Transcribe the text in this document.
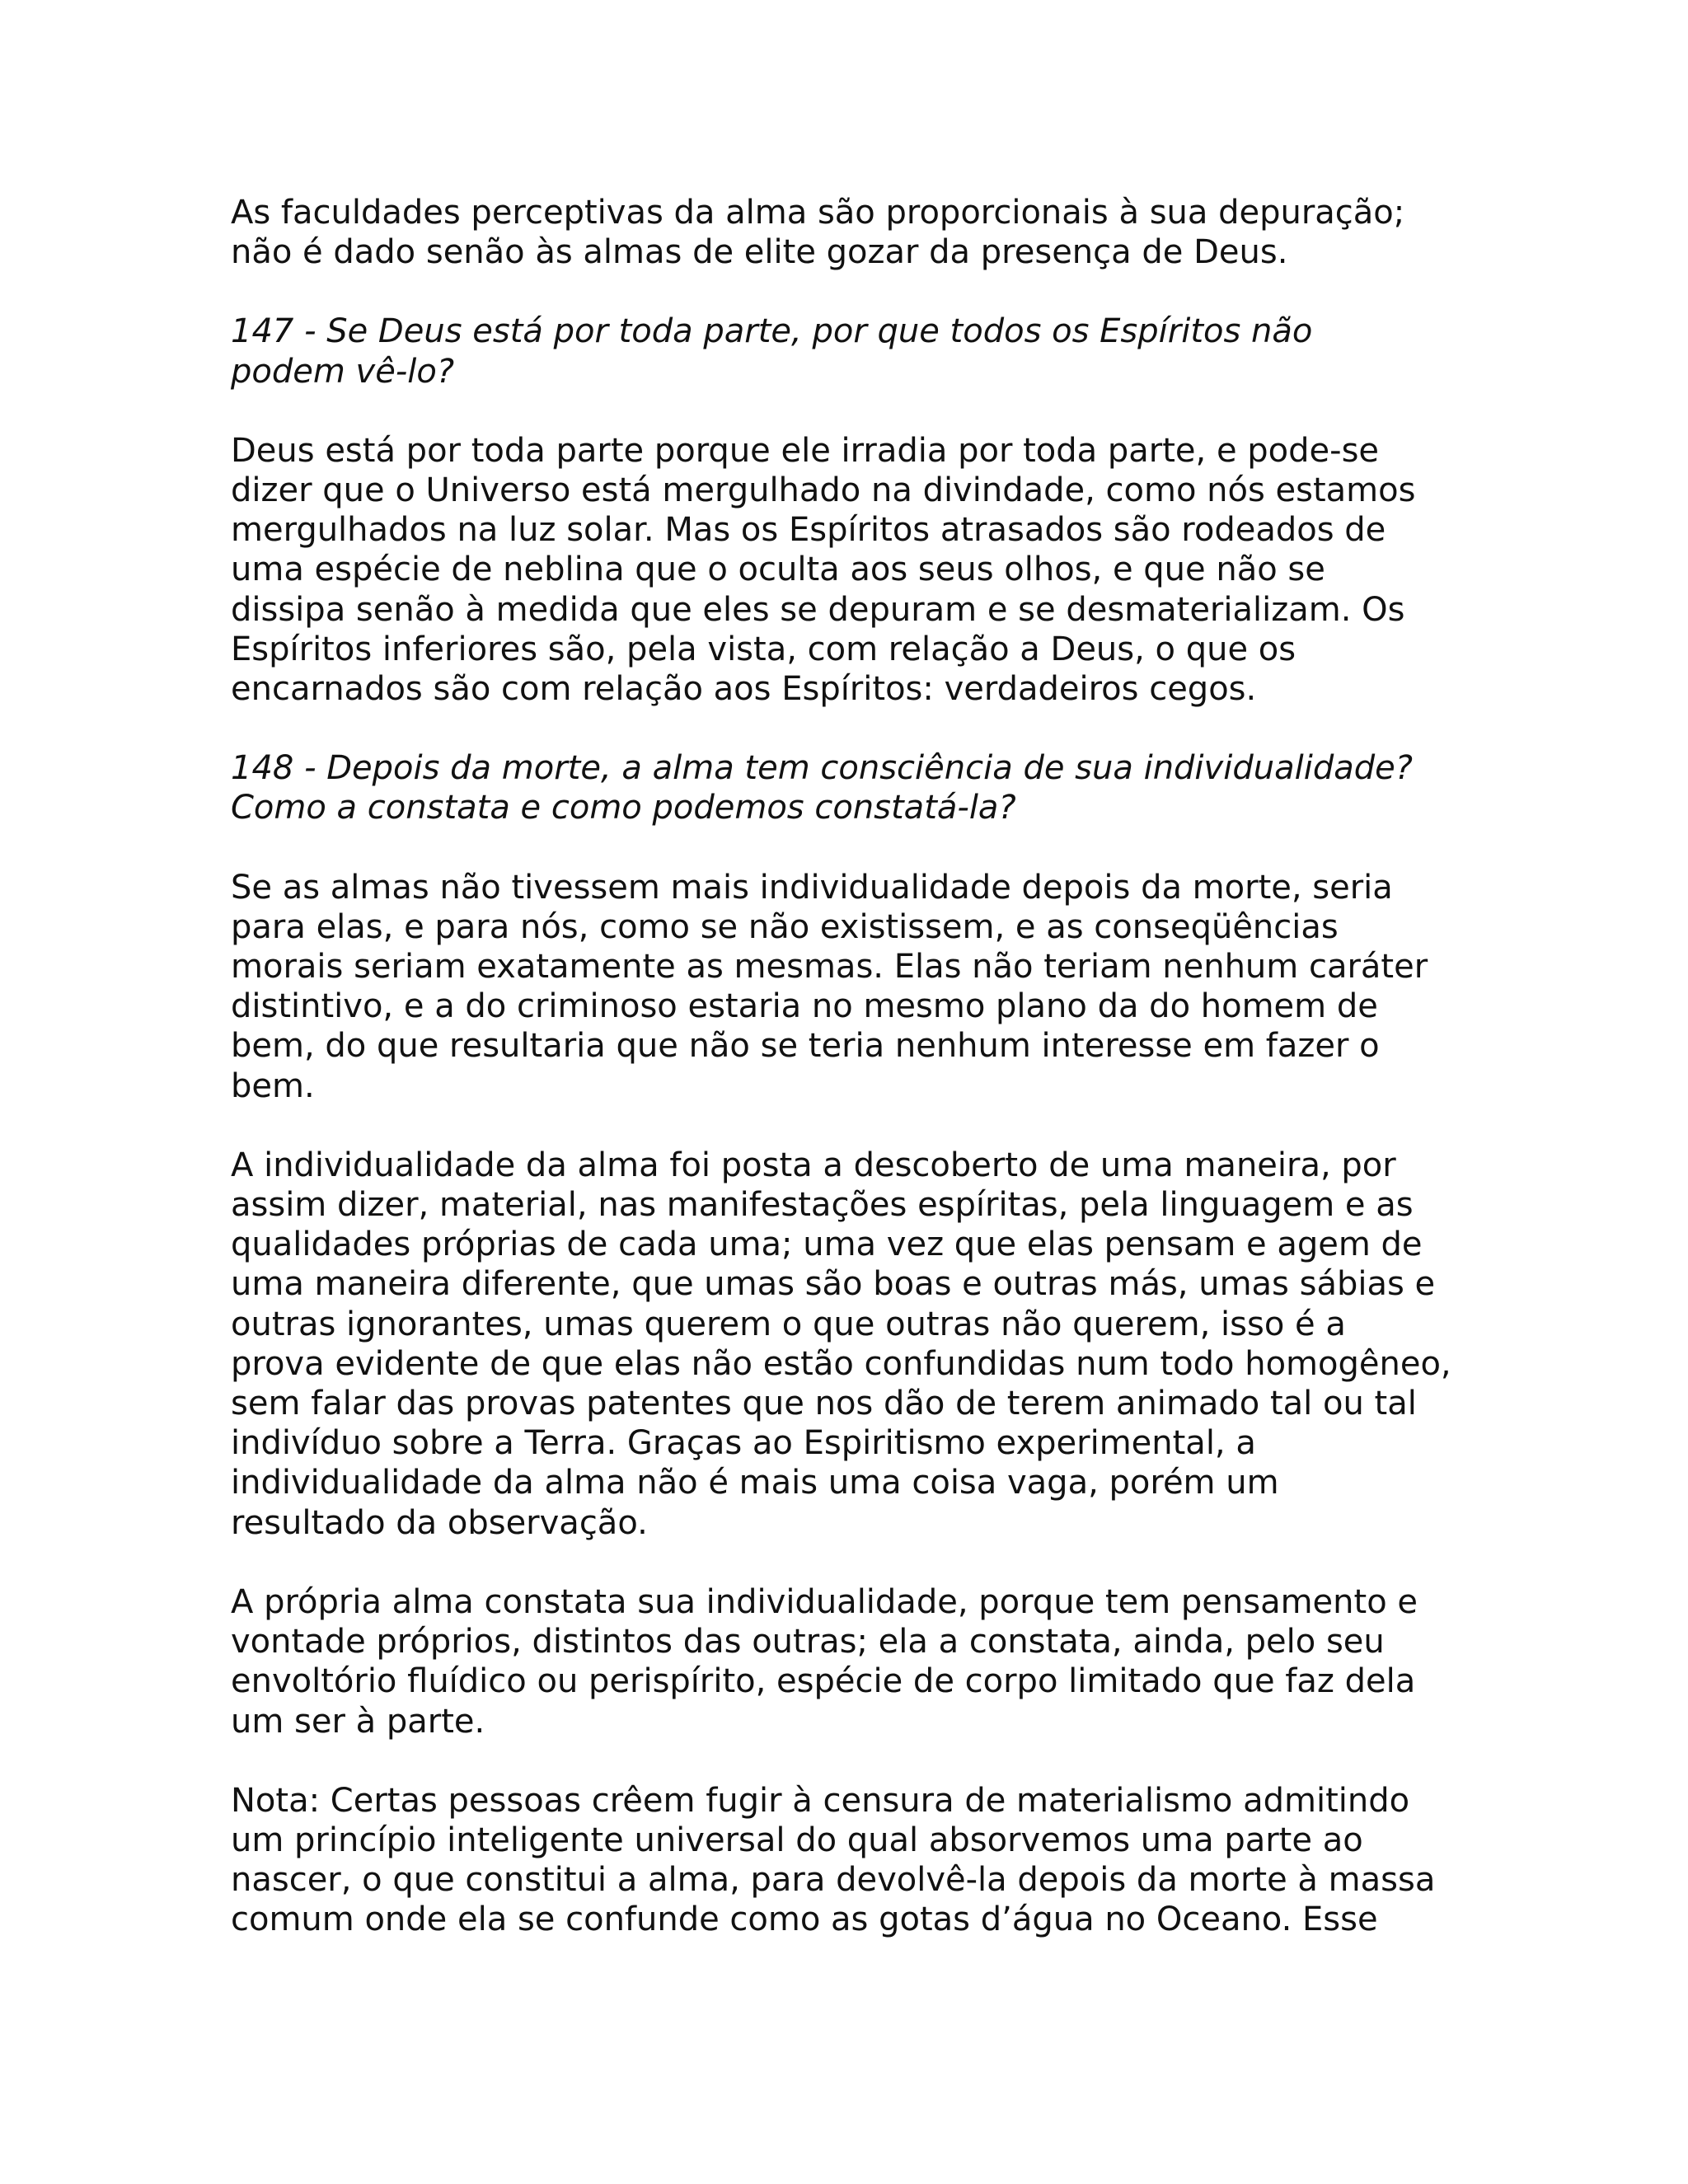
As faculdades perceptivas da alma são proporcionais à sua depuração;
não é dado senão às almas de elite gozar da presença de Deus.

147 - Se Deus está por toda parte, por que todos os Espíritos não
podem vê-lo?

Deus está por toda parte porque ele irradia por toda parte, e pode-se
dizer que o Universo está mergulhado na divindade, como nós estamos
mergulhados na luz solar. Mas os Espíritos atrasados são rodeados de
uma espécie de neblina que o oculta aos seus olhos, e que não se
dissipa senão à medida que eles se depuram e se desmaterializam. Os
Espíritos inferiores são, pela vista, com relação a Deus, o que os
encarnados são com relação aos Espíritos: verdadeiros cegos.

148 - Depois da morte, a alma tem consciência de sua individualidade?
Como a constata e como podemos constatá-la?

Se as almas não tivessem mais individualidade depois da morte, seria
para elas, e para nós, como se não existissem, e as conseqüências
morais seriam exatamente as mesmas. Elas não teriam nenhum caráter
distintivo, e a do criminoso estaria no mesmo plano da do homem de
bem, do que resultaria que não se teria nenhum interesse em fazer o
bem.

A individualidade da alma foi posta a descoberto de uma maneira, por
assim dizer, material, nas manifestações espíritas, pela linguagem e as
qualidades próprias de cada uma; uma vez que elas pensam e agem de
uma maneira diferente, que umas são boas e outras más, umas sábias e
outras ignorantes, umas querem o que outras não querem, isso é a
prova evidente de que elas não estão confundidas num todo homogêneo,
sem falar das provas patentes que nos dão de terem animado tal ou tal
indivíduo sobre a Terra. Graças ao Espiritismo experimental, a
individualidade da alma não é mais uma coisa vaga, porém um
resultado da observação.

A própria alma constata sua individualidade, porque tem pensamento e
vontade próprios, distintos das outras; ela a constata, ainda, pelo seu
envoltório fluídico ou perispírito, espécie de corpo limitado que faz dela
um ser à parte.

Nota: Certas pessoas crêem fugir à censura de materialismo admitindo
um princípio inteligente universal do qual absorvemos uma parte ao
nascer, o que constitui a alma, para devolvê-la depois da morte à massa
comum onde ela se confunde como as gotas d’água no Oceano. Esse
